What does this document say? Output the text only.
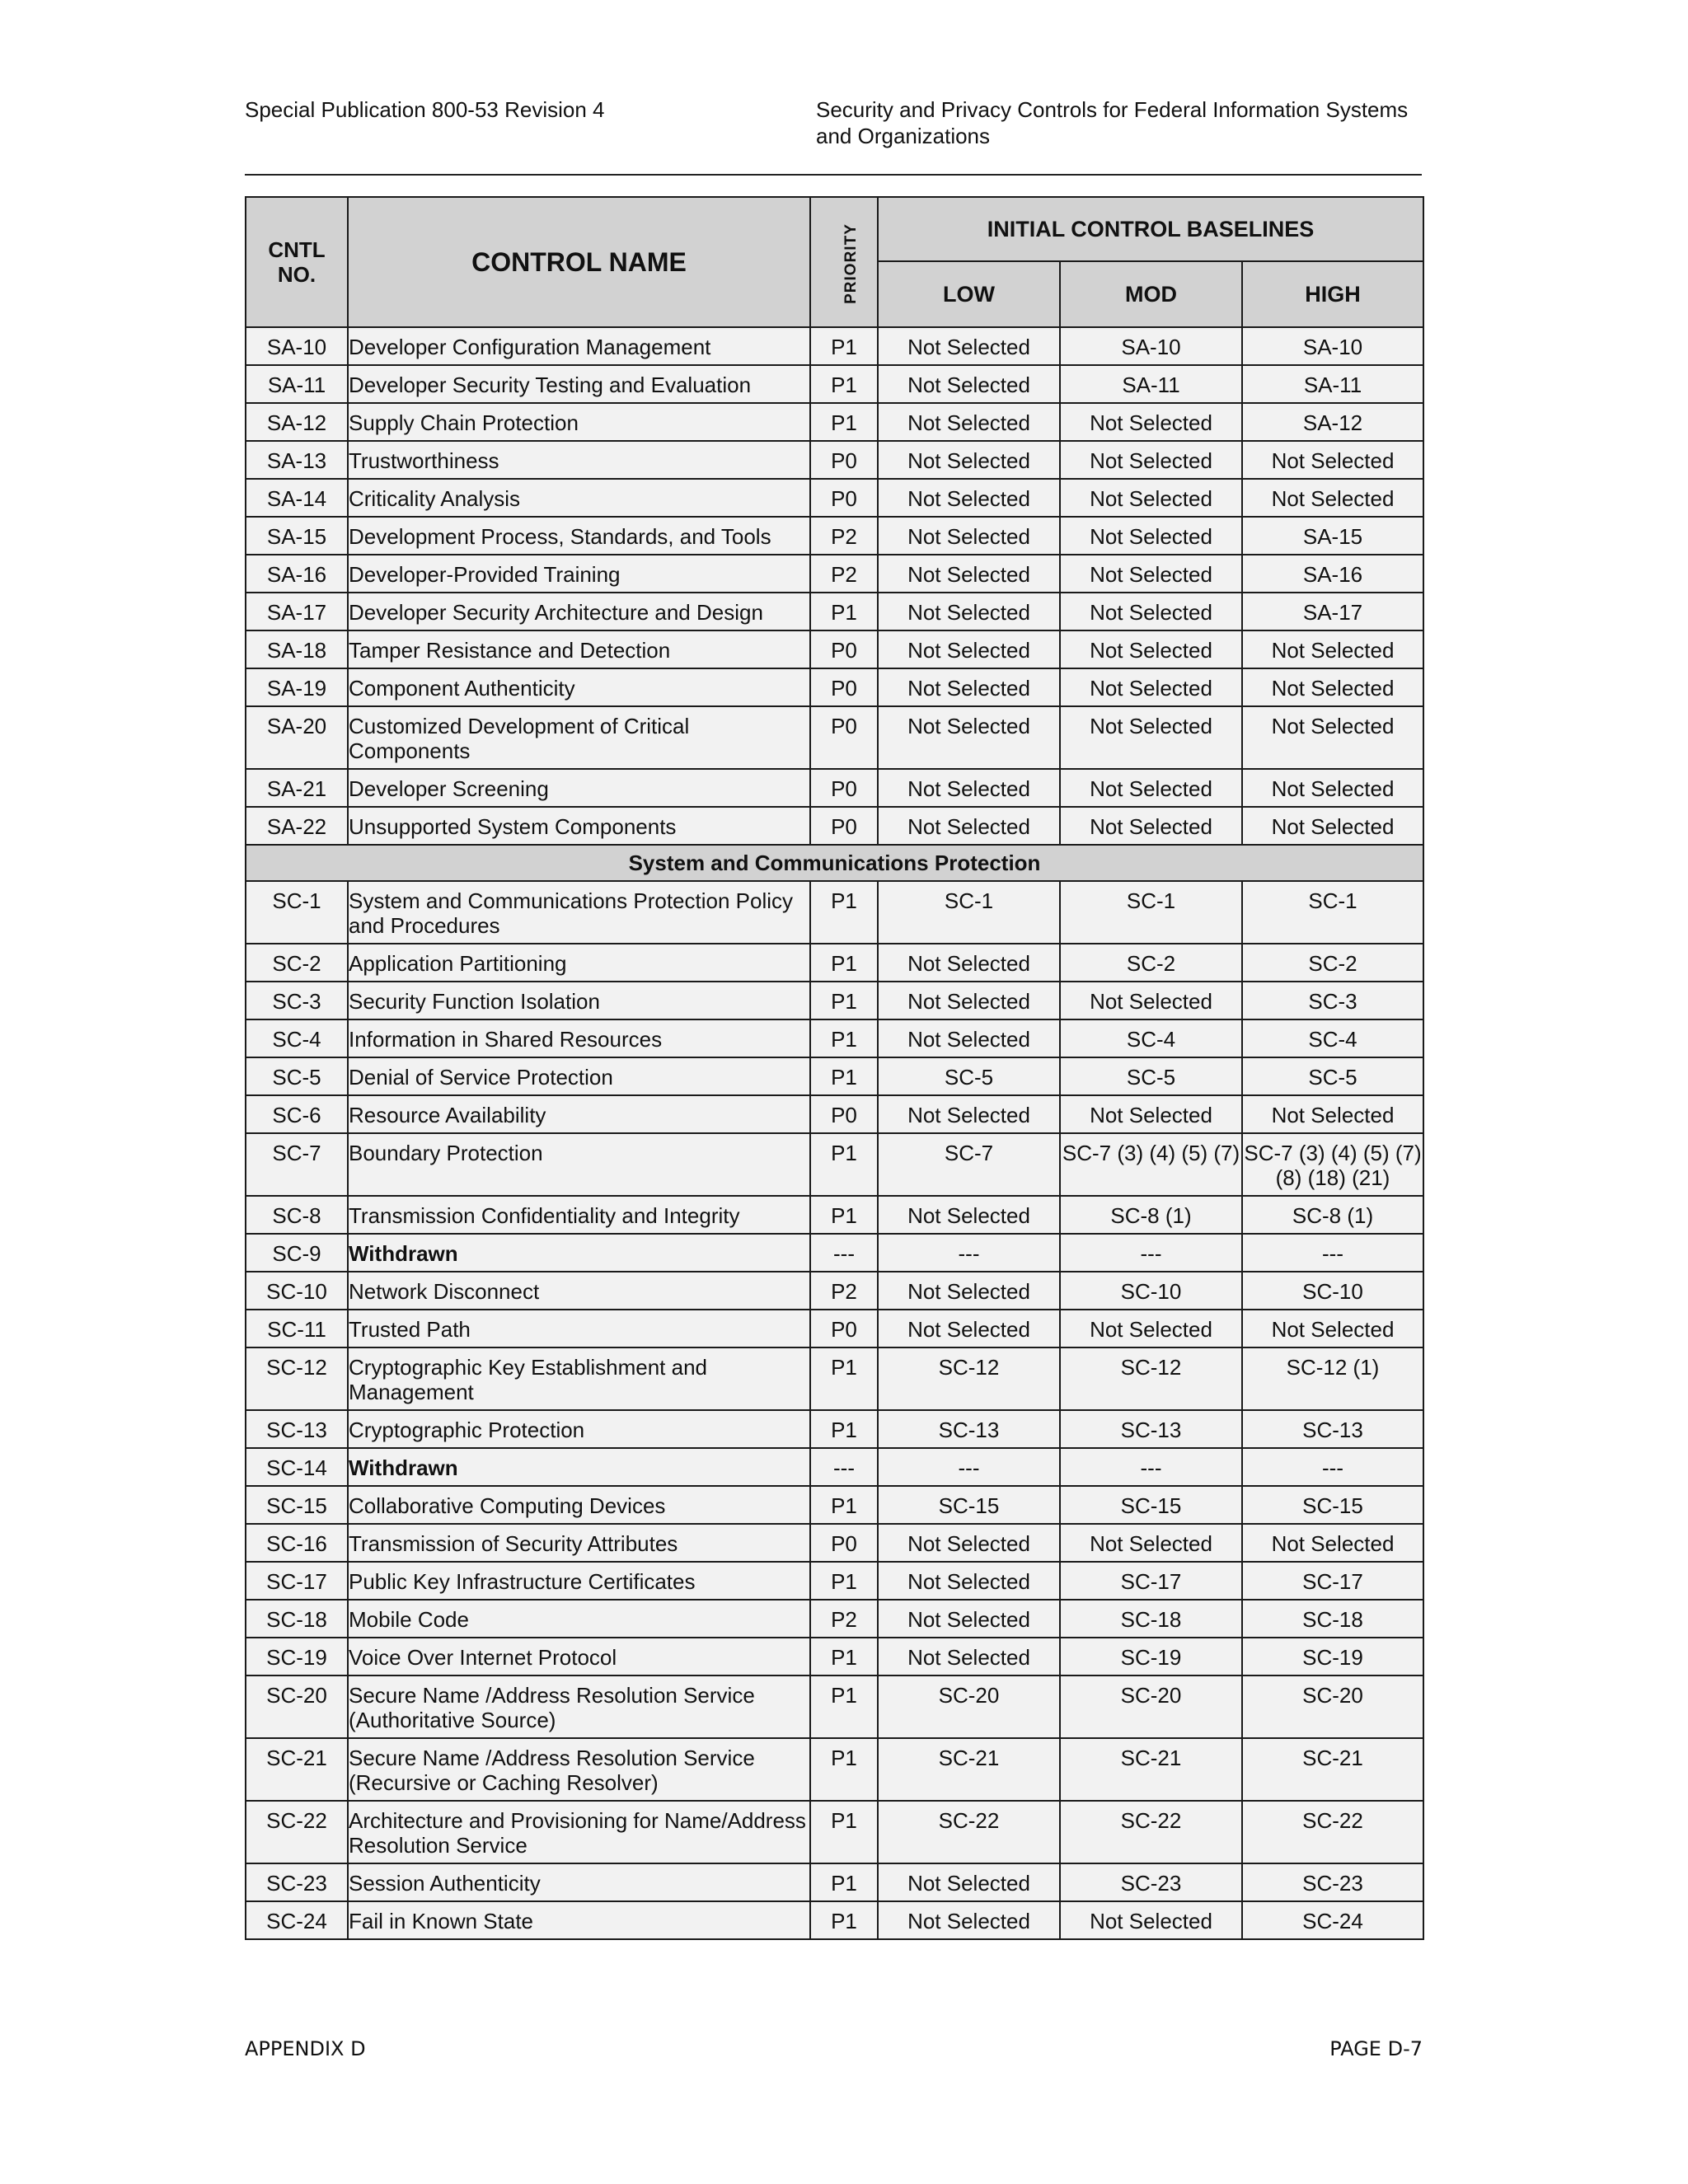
Special Publication 800-53 Revision 4	Security and Privacy Controls for Federal Information Systems and Organizations
CNTL NO.	CONTROL NAME	PRIORITY	INITIAL CONTROL BASELINES		
			LOW	MOD	HIGH
SA-10	Developer Configuration Management	P1	Not Selected	SA-10	SA-10
SA-11	Developer Security Testing and Evaluation	P1	Not Selected	SA-11	SA-11
SA-12	Supply Chain Protection	P1	Not Selected	Not Selected	SA-12
SA-13	Trustworthiness	P0	Not Selected	Not Selected	Not Selected
SA-14	Criticality Analysis	P0	Not Selected	Not Selected	Not Selected
SA-15	Development Process, Standards, and Tools	P2	Not Selected	Not Selected	SA-15
SA-16	Developer-Provided Training	P2	Not Selected	Not Selected	SA-16
SA-17	Developer Security Architecture and Design	P1	Not Selected	Not Selected	SA-17
SA-18	Tamper Resistance and Detection	P0	Not Selected	Not Selected	Not Selected
SA-19	Component Authenticity	P0	Not Selected	Not Selected	Not Selected
SA-20	Customized Development of Critical Components	P0	Not Selected	Not Selected	Not Selected
SA-21	Developer Screening	P0	Not Selected	Not Selected	Not Selected
SA-22	Unsupported System Components	P0	Not Selected	Not Selected	Not Selected
System and Communications Protection					
SC-1	System and Communications Protection Policy and Procedures	P1	SC-1	SC-1	SC-1
SC-2	Application Partitioning	P1	Not Selected	SC-2	SC-2
SC-3	Security Function Isolation	P1	Not Selected	Not Selected	SC-3
SC-4	Information in Shared Resources	P1	Not Selected	SC-4	SC-4
SC-5	Denial of Service Protection	P1	SC-5	SC-5	SC-5
SC-6	Resource Availability	P0	Not Selected	Not Selected	Not Selected
SC-7	Boundary Protection	P1	SC-7	SC-7 (3) (4) (5) (7)	SC-7 (3) (4) (5) (7) (8) (18) (21)
SC-8	Transmission Confidentiality and Integrity	P1	Not Selected	SC-8 (1)	SC-8 (1)
SC-9	Withdrawn	---	---	---	---
SC-10	Network Disconnect	P2	Not Selected	SC-10	SC-10
SC-11	Trusted Path	P0	Not Selected	Not Selected	Not Selected
SC-12	Cryptographic Key Establishment and Management	P1	SC-12	SC-12	SC-12 (1)
SC-13	Cryptographic Protection	P1	SC-13	SC-13	SC-13
SC-14	Withdrawn	---	---	---	---
SC-15	Collaborative Computing Devices	P1	SC-15	SC-15	SC-15
SC-16	Transmission of Security Attributes	P0	Not Selected	Not Selected	Not Selected
SC-17	Public Key Infrastructure Certificates	P1	Not Selected	SC-17	SC-17
SC-18	Mobile Code	P2	Not Selected	SC-18	SC-18
SC-19	Voice Over Internet Protocol	P1	Not Selected	SC-19	SC-19
SC-20	Secure Name /Address Resolution Service (Authoritative Source)	P1	SC-20	SC-20	SC-20
SC-21	Secure Name /Address Resolution Service (Recursive or Caching Resolver)	P1	SC-21	SC-21	SC-21
SC-22	Architecture and Provisioning for Name/Address Resolution Service	P1	SC-22	SC-22	SC-22
SC-23	Session Authenticity	P1	Not Selected	SC-23	SC-23
SC-24	Fail in Known State	P1	Not Selected	Not Selected	SC-24
APPENDIX D	PAGE D-7
